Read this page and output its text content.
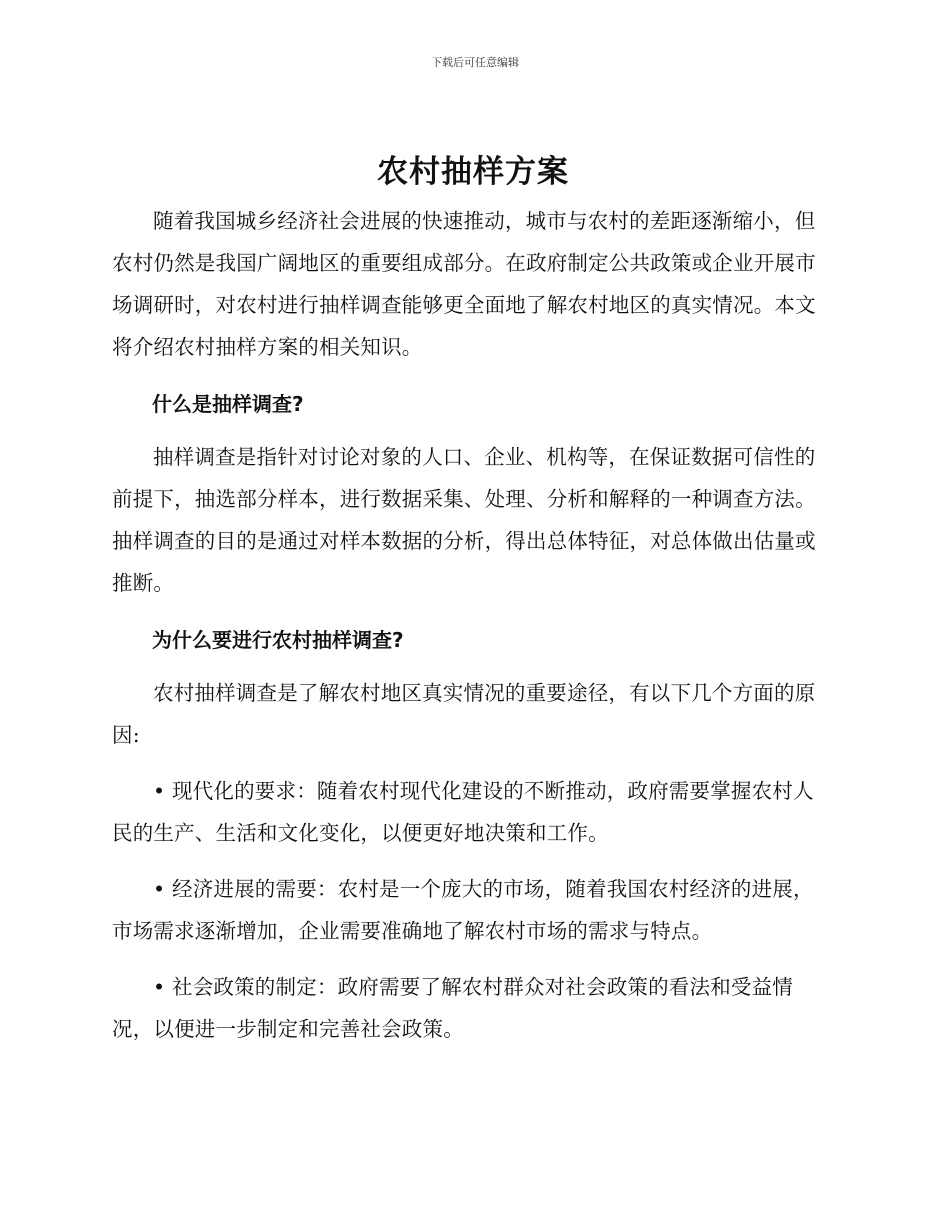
下载后可任意编辑
农村抽样方案

随着我国城乡经济社会进展的快速推动，城市与农村的差距逐渐缩小，但农村仍然是我国广阔地区的重要组成部分。在政府制定公共政策或企业开展市场调研时，对农村进行抽样调查能够更全面地了解农村地区的真实情况。本文将介绍农村抽样方案的相关知识。

什么是抽样调查?

抽样调查是指针对讨论对象的人口、企业、机构等，在保证数据可信性的前提下，抽选部分样本，进行数据采集、处理、分析和解释的一种调查方法。抽样调查的目的是通过对样本数据的分析，得出总体特征，对总体做出估量或推断。

为什么要进行农村抽样调查?

农村抽样调查是了解农村地区真实情况的重要途径，有以下几个方面的原因:

• 现代化的要求：随着农村现代化建设的不断推动，政府需要掌握农村人民的生产、生活和文化变化，以便更好地决策和工作。

• 经济进展的需要：农村是一个庞大的市场，随着我国农村经济的进展，市场需求逐渐增加，企业需要准确地了解农村市场的需求与特点。

• 社会政策的制定：政府需要了解农村群众对社会政策的看法和受益情况，以便进一步制定和完善社会政策。
